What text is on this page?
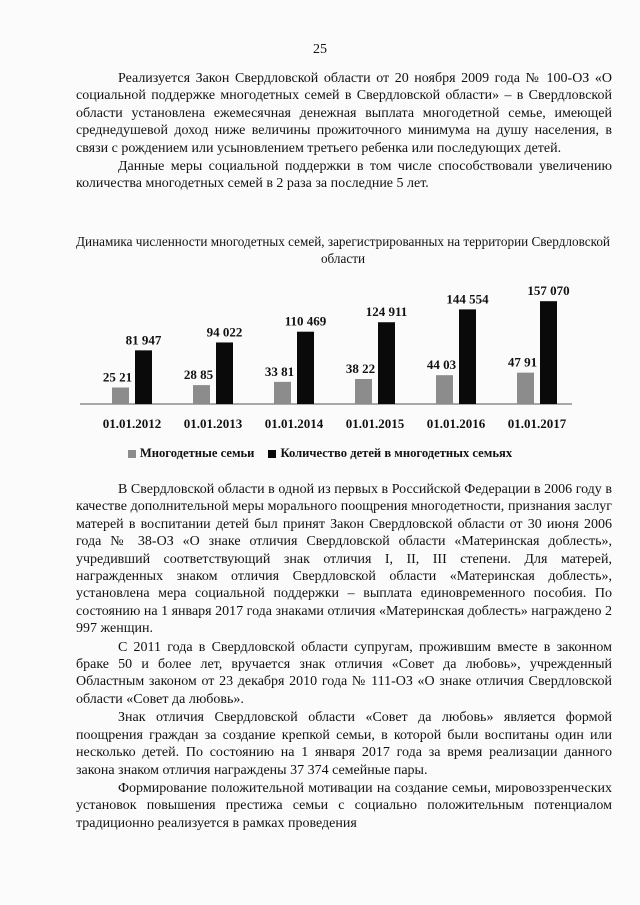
25

Реализуется Закон Свердловской области от 20 ноября 2009 года № 100-ОЗ «О социальной поддержке многодетных семей в Свердловской области» – в Свердловской области установлена ежемесячная денежная выплата многодетной семье, имеющей среднедушевой доход ниже величины прожиточного минимума на душу населения, в связи с рождением или усыновлением третьего ребенка или последующих детей.

Данные меры социальной поддержки в том числе способствовали увеличению количества многодетных семей в 2 раза за последние 5 лет.

Динамика численности многодетных семей, зарегистрированных на территории Свердловской области
25 21
81 947
01.01.2012
28 85
94 022
01.01.2013
33 81
110 469
01.01.2014
38 22
124 911
01.01.2015
44 03
144 554
01.01.2016
47 91
157 070
01.01.2017
Многодетные семьи Количество детей в многодетных семьях

В Свердловской области в одной из первых в Российской Федерации в 2006 году в качестве дополнительной меры морального поощрения многодетности, признания заслуг матерей в воспитании детей был принят Закон Свердловской области от 30 июня 2006 года № 38-ОЗ «О знаке отличия Свердловской области «Материнская доблесть», учредивший соответствующий знак отличия I, II, III степени. Для матерей, награжденных знаком отличия Свердловской области «Материнская доблесть», установлена мера социальной поддержки – выплата единовременного пособия. По состоянию на 1 января 2017 года знаками отличия «Материнская доблесть» награждено 2 997 женщин.

С 2011 года в Свердловской области супругам, прожившим вместе в законном браке 50 и более лет, вручается знак отличия «Совет да любовь», учрежденный Областным законом от 23 декабря 2010 года № 111-ОЗ «О знаке отличия Свердловской области «Совет да любовь».

Знак отличия Свердловской области «Совет да любовь» является формой поощрения граждан за создание крепкой семьи, в которой были воспитаны один или несколько детей. По состоянию на 1 января 2017 года за время реализации данного закона знаком отличия награждены 37 374 семейные пары.

Формирование положительной мотивации на создание семьи, мировоззренческих установок повышения престижа семьи с социально положительным потенциалом традиционно реализуется в рамках проведения
